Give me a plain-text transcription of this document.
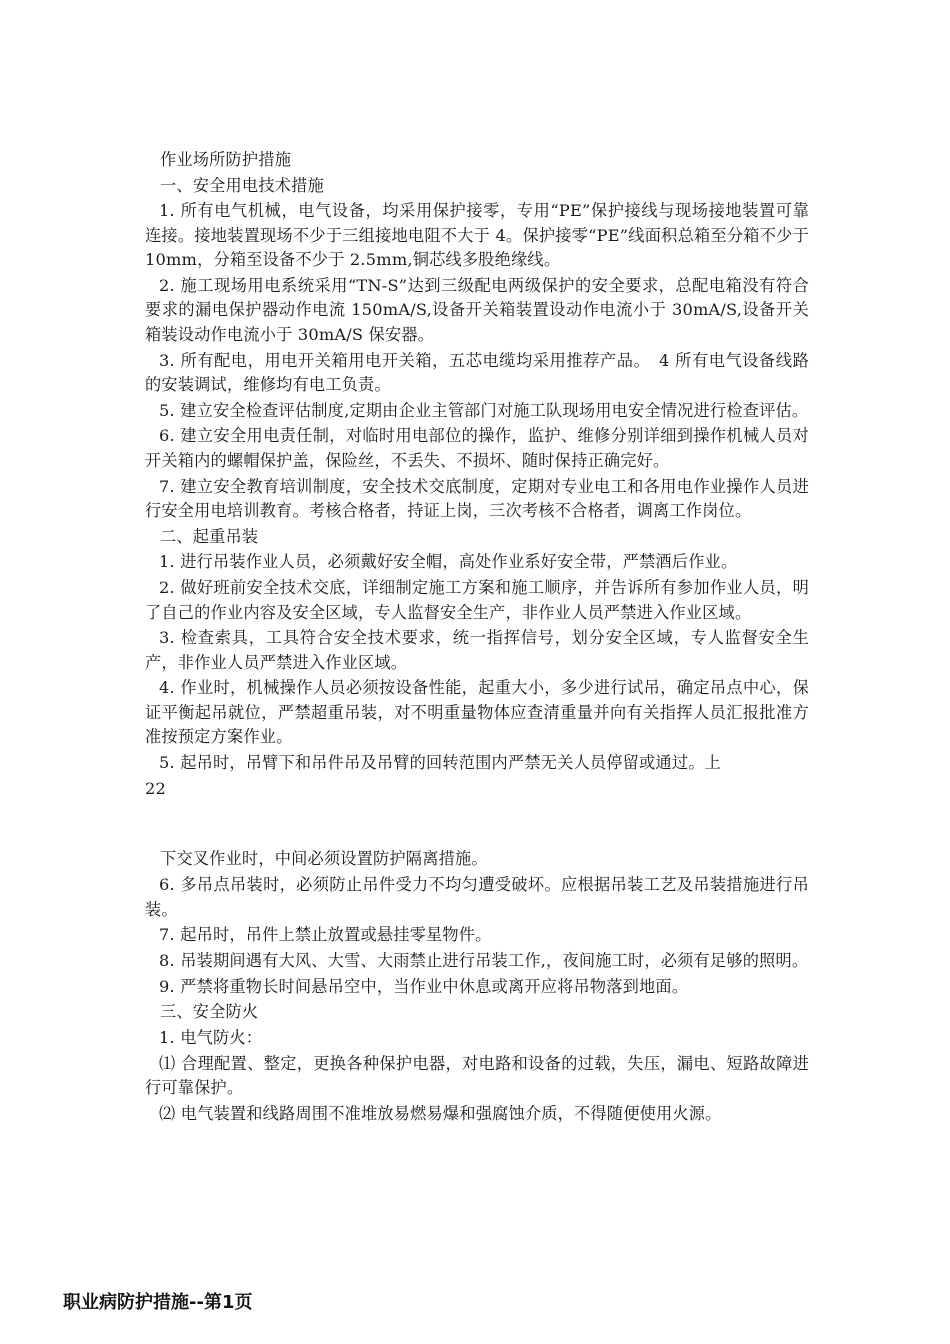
作业场所防护措施

一、安全用电技术措施

1. 所有电气机械，电气设备，均采用保护接零，专用“PE”保护接线与现场接地装置可靠连接。接地装置现场不少于三组接地电阻不大于 4。保护接零“PE”线面积总箱至分箱不少于 10mm，分箱至设备不少于 2.5mm,铜芯线多股绝缘线。

2. 施工现场用电系统采用“TN-S”达到三级配电两级保护的安全要求，总配电箱没有符合要求的漏电保护器动作电流 150mA/S,设备开关箱装置设动作电流小于 30mA/S,设备开关箱装设动作电流小于 30mA/S 保安器。

3. 所有配电，用电开关箱用电开关箱，五芯电缆均采用推荐产品。　4 所有电气设备线路的安装调试，维修均有电工负责。

5. 建立安全检查评估制度,定期由企业主管部门对施工队现场用电安全情况进行检查评估。

6. 建立安全用电责任制，对临时用电部位的操作，监护、维修分别详细到操作机械人员对开关箱内的螺帽保护盖，保险丝，不丢失、不损坏、随时保持正确完好。

7. 建立安全教育培训制度，安全技术交底制度，定期对专业电工和各用电作业操作人员进行安全用电培训教育。考核合格者，持证上岗，三次考核不合格者，调离工作岗位。

二、起重吊装

1. 进行吊装作业人员，必须戴好安全帽，高处作业系好安全带，严禁酒后作业。

2. 做好班前安全技术交底，详细制定施工方案和施工顺序，并告诉所有参加作业人员，明了自己的作业内容及安全区域，专人监督安全生产，非作业人员严禁进入作业区域。

3. 检查索具，工具符合安全技术要求，统一指挥信号，划分安全区域，专人监督安全生产，非作业人员严禁进入作业区域。

4. 作业时，机械操作人员必须按设备性能，起重大小，多少进行试吊，确定吊点中心，保证平衡起吊就位，严禁超重吊装，对不明重量物体应查清重量并向有关指挥人员汇报批准方准按预定方案作业。

5. 起吊时，吊臂下和吊件吊及吊臂的回转范围内严禁无关人员停留或通过。上

22

下交叉作业时，中间必须设置防护隔离措施。

6. 多吊点吊装时，必须防止吊件受力不均匀遭受破坏。应根据吊装工艺及吊装措施进行吊装。

7. 起吊时，吊件上禁止放置或悬挂零星物件。

8. 吊装期间遇有大风、大雪、大雨禁止进行吊装工作,，夜间施工时，必须有足够的照明。

9. 严禁将重物长时间悬吊空中，当作业中休息或离开应将吊物落到地面。

三、安全防火

1. 电气防火：

⑴ 合理配置、整定，更换各种保护电器，对电路和设备的过载，失压，漏电、短路故障进行可靠保护。

⑵ 电气装置和线路周围不准堆放易燃易爆和强腐蚀介质，不得随便使用火源。

职业病防护措施--第1页
